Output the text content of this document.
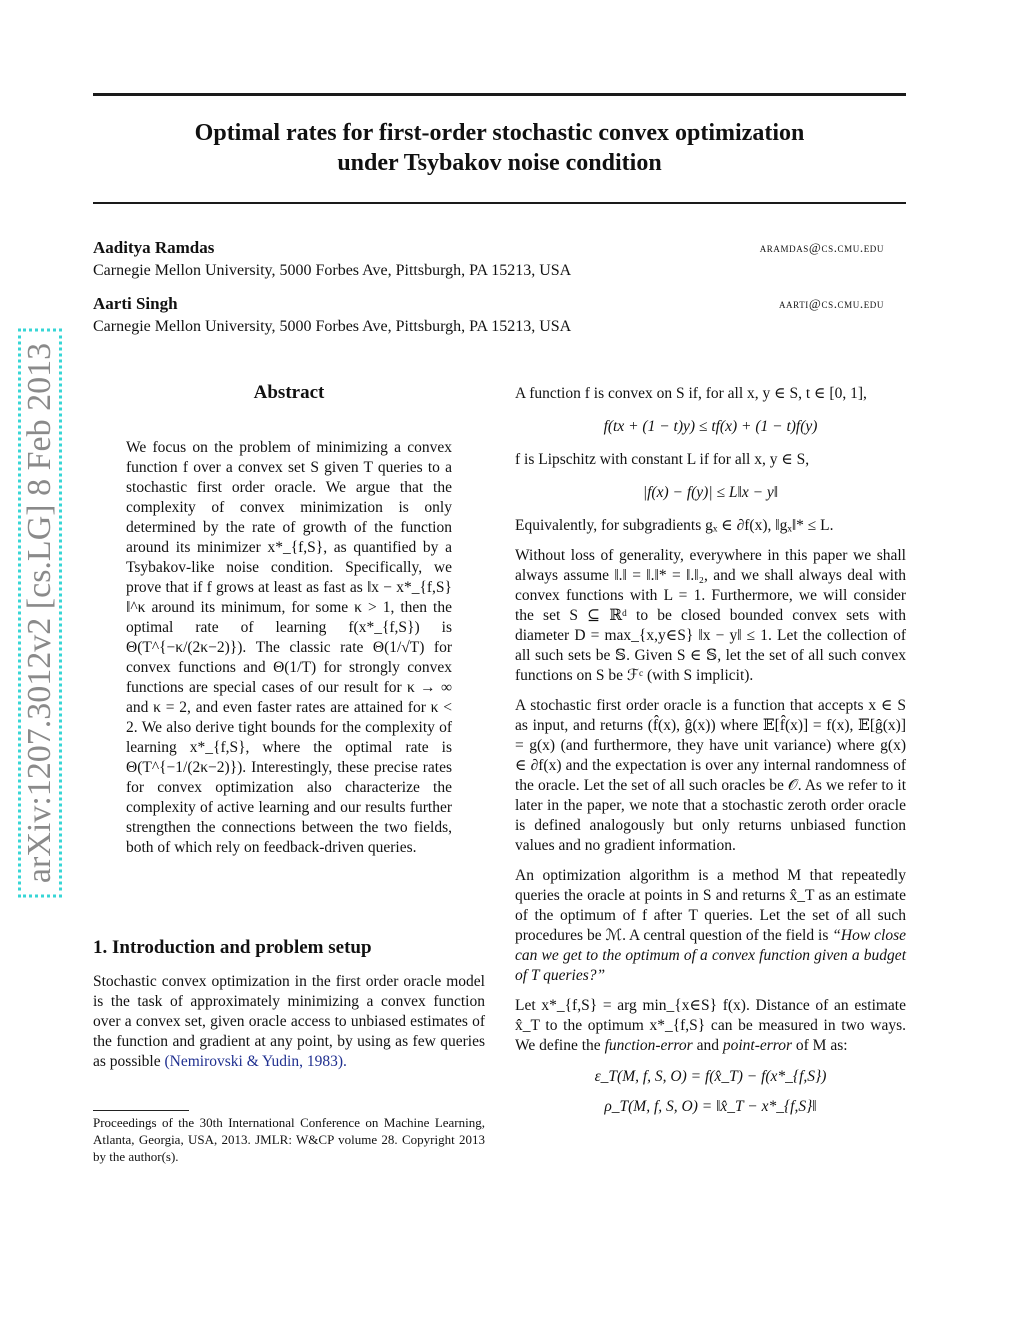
Optimal rates for first-order stochastic convex optimization
under Tsybakov noise condition
Aaditya Ramdas	aramdas@cs.cmu.edu
Carnegie Mellon University, 5000 Forbes Ave, Pittsburgh, PA 15213, USA
Aarti Singh	aarti@cs.cmu.edu
Carnegie Mellon University, 5000 Forbes Ave, Pittsburgh, PA 15213, USA
arXiv:1207.3012v2 [cs.LG] 8 Feb 2013	Abstract

We focus on the problem of minimizing a convex function f over a convex set S given T queries to a stochastic first order oracle. We argue that the complexity of convex minimization is only determined by the rate of growth of the function around its minimizer x*_{f,S}, as quantified by a Tsybakov-like noise condition. Specifically, we prove that if f grows at least as fast as ‖x − x*_{f,S}‖^κ around its minimum, for some κ > 1, then the optimal rate of learning f(x*_{f,S}) is Θ(T^{−κ/(2κ−2)}). The classic rate Θ(1/√T) for convex functions and Θ(1/T) for strongly convex functions are special cases of our result for κ → ∞ and κ = 2, and even faster rates are attained for κ < 2. We also derive tight bounds for the complexity of learning x*_{f,S}, where the optimal rate is Θ(T^{−1/(2κ−2)}). Interestingly, these precise rates for convex optimization also characterize the complexity of active learning and our results further strengthen the connections between the two fields, both of which rely on feedback-driven queries.

1. Introduction and problem setup

Stochastic convex optimization in the first order oracle model is the task of approximately minimizing a convex function over a convex set, given oracle access to unbiased estimates of the function and gradient at any point, by using as few queries as possible (Nemirovski & Yudin, 1983).

Proceedings of the 30th International Conference on Machine Learning, Atlanta, Georgia, USA, 2013. JMLR: W&CP volume 28. Copyright 2013 by the author(s).

A function f is convex on S if, for all x, y ∈ S, t ∈ [0, 1],

f(tx + (1 − t)y) ≤ tf(x) + (1 − t)f(y)

f is Lipschitz with constant L if for all x, y ∈ S,

|f(x) − f(y)| ≤ L‖x − y‖

Equivalently, for subgradients gₓ ∈ ∂f(x), ‖gₓ‖* ≤ L.

Without loss of generality, everywhere in this paper we shall always assume ‖.‖ = ‖.‖* = ‖.‖₂, and we shall always deal with convex functions with L = 1. Furthermore, we will consider the set S ⊆ ℝᵈ to be closed bounded convex sets with diameter D = max_{x,y∈S} ‖x − y‖ ≤ 1. Let the collection of all such sets be 𝕊. Given S ∈ 𝕊, let the set of all such convex functions on S be ℱᶜ (with S implicit).

A stochastic first order oracle is a function that accepts x ∈ S as input, and returns (f̂(x), ĝ(x)) where 𝔼[f̂(x)] = f(x), 𝔼[ĝ(x)] = g(x) (and furthermore, they have unit variance) where g(x) ∈ ∂f(x) and the expectation is over any internal randomness of the oracle. Let the set of all such oracles be 𝒪. As we refer to it later in the paper, we note that a stochastic zeroth order oracle is defined analogously but only returns unbiased function values and no gradient information.

An optimization algorithm is a method M that repeatedly queries the oracle at points in S and returns x̂_T as an estimate of the optimum of f after T queries. Let the set of all such procedures be ℳ. A central question of the field is “How close can we get to the optimum of a convex function given a budget of T queries?”

Let x*_{f,S} = arg min_{x∈S} f(x). Distance of an estimate x̂_T to the optimum x*_{f,S} can be measured in two ways. We define the function-error and point-error of M as:

ε_T(M, f, S, O) = f(x̂_T) − f(x*_{f,S})

ρ_T(M, f, S, O) = ‖x̂_T − x*_{f,S}‖
